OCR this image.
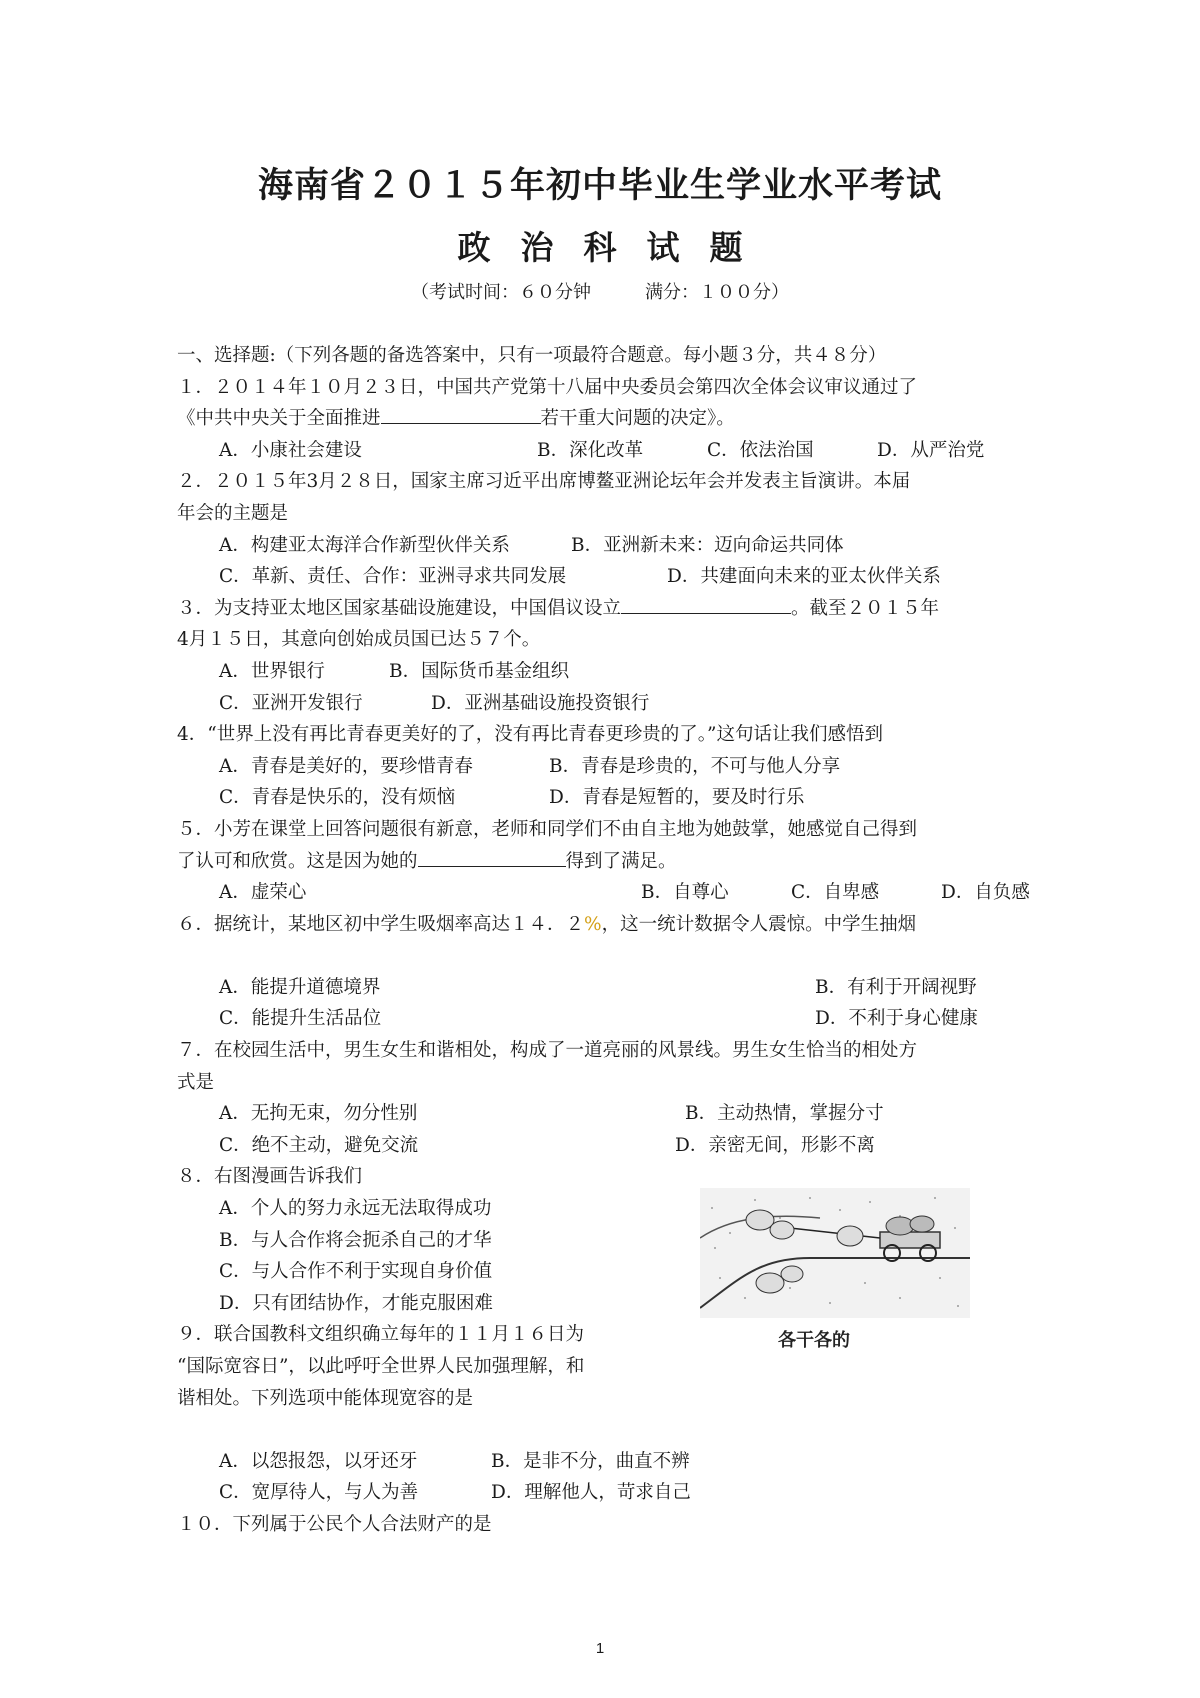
海南省２０１５年初中毕业生学业水平考试
政治科试题
（考试时间：６０分钟　　　满分：１００分）
一、选择题:（下列各题的备选答案中，只有一项最符合题意。每小题３分，共４８分）
１．２０１４年１０月２３日，中国共产党第十八届中央委员会第四次全体会议审议通过了
《中共中央关于全面推进	若干重大问题的决定》。
A．小康社会建设	B．深化改革	C．依法治国	D．从严治党
２．２０１５年3月２８日，国家主席习近平出席博鳌亚洲论坛年会并发表主旨演讲。本届
年会的主题是
A．构建亚太海洋合作新型伙伴关系	B．亚洲新未来：迈向命运共同体
C．革新、责任、合作：亚洲寻求共同发展	D．共建面向未来的亚太伙伴关系
３．为支持亚太地区国家基础设施建设，中国倡议设立	。截至２０１５年
4月１５日，其意向创始成员国已达５７个。
A．世界银行	B．国际货币基金组织
C．亚洲开发银行	D．亚洲基础设施投资银行
4．“世界上没有再比青春更美好的了，没有再比青春更珍贵的了。”这句话让我们感悟到
A．青春是美好的，要珍惜青春	B．青春是珍贵的，不可与他人分享
C．青春是快乐的，没有烦恼	D．青春是短暂的，要及时行乐
５．小芳在课堂上回答问题很有新意，老师和同学们不由自主地为她鼓掌，她感觉自己得到
了认可和欣赏。这是因为她的	得到了满足。
A．虚荣心	B．自尊心	C．自卑感	D．自负感
６．据统计，某地区初中学生吸烟率高达１４．２%，这一统计数据令人震惊。中学生抽烟
A．能提升道德境界	B．有利于开阔视野
C．能提升生活品位	D．不利于身心健康
７．在校园生活中，男生女生和谐相处，构成了一道亮丽的风景线。男生女生恰当的相处方
式是
A．无拘无束，勿分性别	B．主动热情，掌握分寸
C．绝不主动，避免交流	D．亲密无间，形影不离
８．右图漫画告诉我们
A．个人的努力永远无法取得成功
B．与人合作将会扼杀自己的才华
C．与人合作不利于实现自身价值
D．只有团结协作，才能克服困难
９．联合国教科文组织确立每年的１１月１６日为
“国际宽容日”，以此呼吁全世界人民加强理解，和
谐相处。下列选项中能体现宽容的是
A．以怨报怨，以牙还牙	B．是非不分，曲直不辨
C．宽厚待人，与人为善	D．理解他人，苛求自己
１０．下列属于公民个人合法财产的是
各干各的
1
